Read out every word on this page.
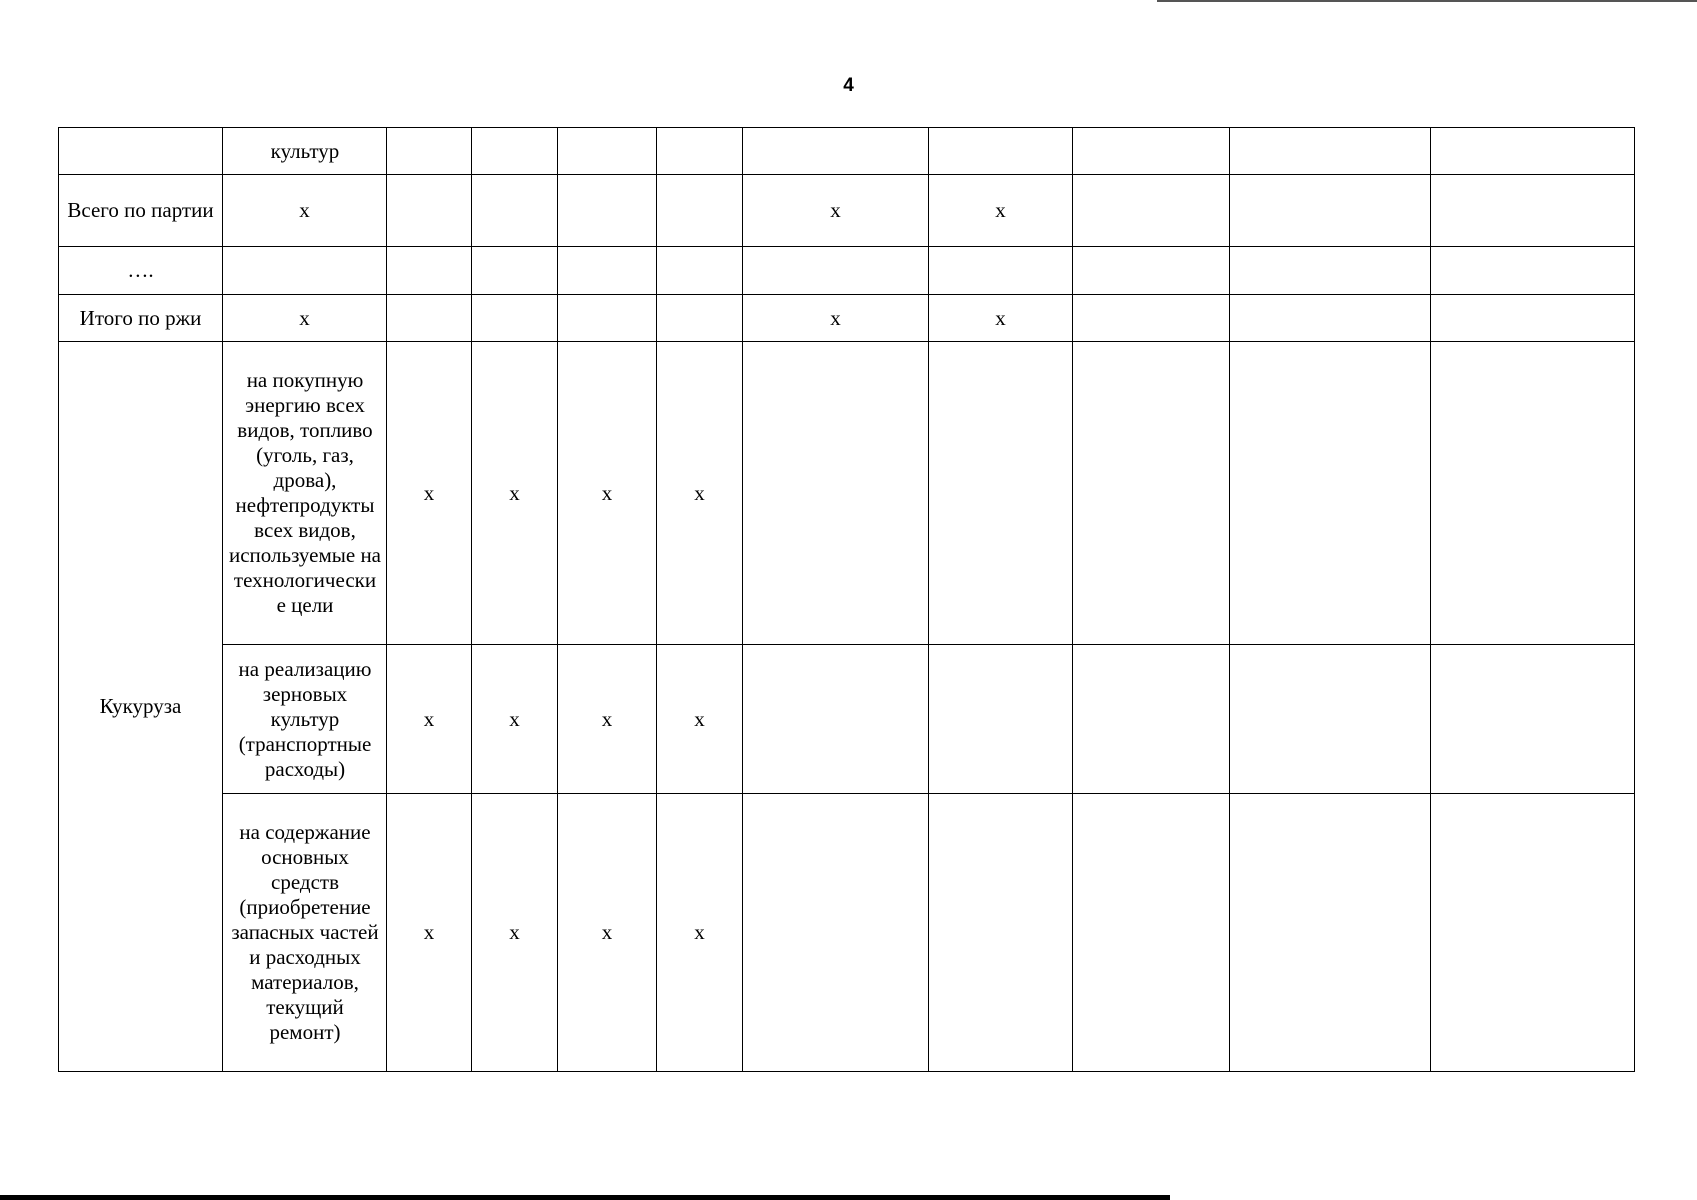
4
	культур									
Всего по партии	x					x	x			
….										
Итого по ржи	x					x	x			
Кукуруза	на покупную энергию всех видов, топливо (уголь, газ, дрова), нефтепродукты всех видов, используемые на технологически е цели	x	x	x	x					
	на реализацию зерновых культур (транспортные расходы)	x	x	x	x					
	на содержание основных средств (приобретение запасных частей и расходных материалов, текущий ремонт)	x	x	x	x					
